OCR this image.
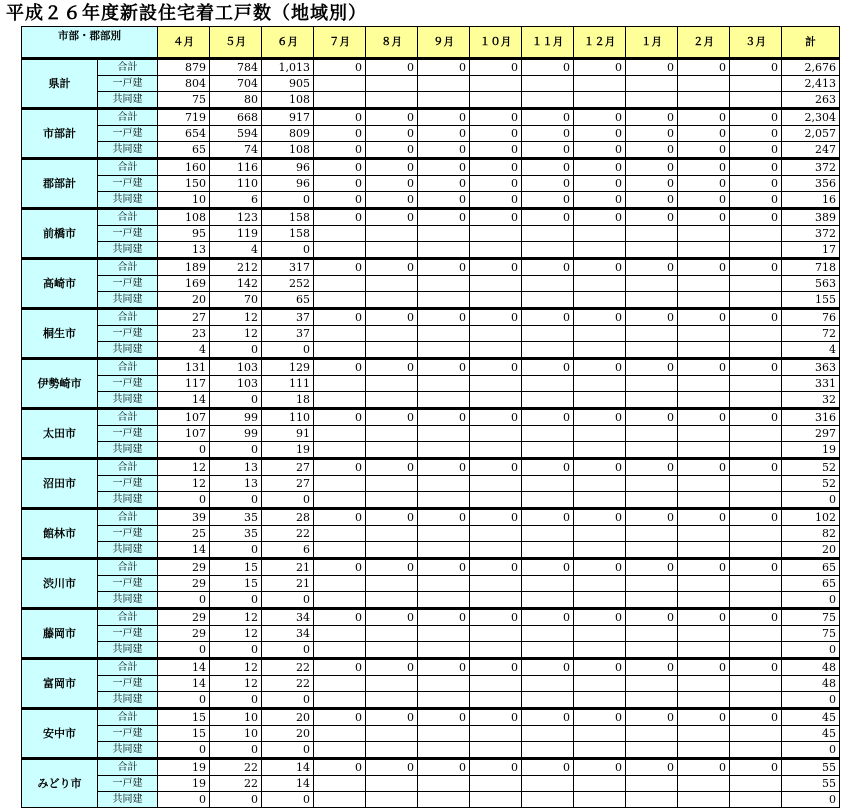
平成２６年度新設住宅着工戸数（地域別）
市部・郡部別		４月	５月	６月	７月	８月	９月	１０月	１１月	１２月	１月	２月	３月	計
県計	合計	879	784	1,013	0	0	0	0	0	0	0	0	0	2,676
	一戸建	804	704	905										2,413
	共同建	75	80	108										263
市部計	合計	719	668	917	0	0	0	0	0	0	0	0	0	2,304
	一戸建	654	594	809	0	0	0	0	0	0	0	0	0	2,057
	共同建	65	74	108	0	0	0	0	0	0	0	0	0	247
郡部計	合計	160	116	96	0	0	0	0	0	0	0	0	0	372
	一戸建	150	110	96	0	0	0	0	0	0	0	0	0	356
	共同建	10	6	0	0	0	0	0	0	0	0	0	0	16
前橋市	合計	108	123	158	0	0	0	0	0	0	0	0	0	389
	一戸建	95	119	158										372
	共同建	13	4	0										17
高崎市	合計	189	212	317	0	0	0	0	0	0	0	0	0	718
	一戸建	169	142	252										563
	共同建	20	70	65										155
桐生市	合計	27	12	37	0	0	0	0	0	0	0	0	0	76
	一戸建	23	12	37										72
	共同建	4	0	0										4
伊勢崎市	合計	131	103	129	0	0	0	0	0	0	0	0	0	363
	一戸建	117	103	111										331
	共同建	14	0	18										32
太田市	合計	107	99	110	0	0	0	0	0	0	0	0	0	316
	一戸建	107	99	91										297
	共同建	0	0	19										19
沼田市	合計	12	13	27	0	0	0	0	0	0	0	0	0	52
	一戸建	12	13	27										52
	共同建	0	0	0										0
館林市	合計	39	35	28	0	0	0	0	0	0	0	0	0	102
	一戸建	25	35	22										82
	共同建	14	0	6										20
渋川市	合計	29	15	21	0	0	0	0	0	0	0	0	0	65
	一戸建	29	15	21										65
	共同建	0	0	0										0
藤岡市	合計	29	12	34	0	0	0	0	0	0	0	0	0	75
	一戸建	29	12	34										75
	共同建	0	0	0										0
富岡市	合計	14	12	22	0	0	0	0	0	0	0	0	0	48
	一戸建	14	12	22										48
	共同建	0	0	0										0
安中市	合計	15	10	20	0	0	0	0	0	0	0	0	0	45
	一戸建	15	10	20										45
	共同建	0	0	0										0
みどり市	合計	19	22	14	0	0	0	0	0	0	0	0	0	55
	一戸建	19	22	14										55
	共同建	0	0	0										0
